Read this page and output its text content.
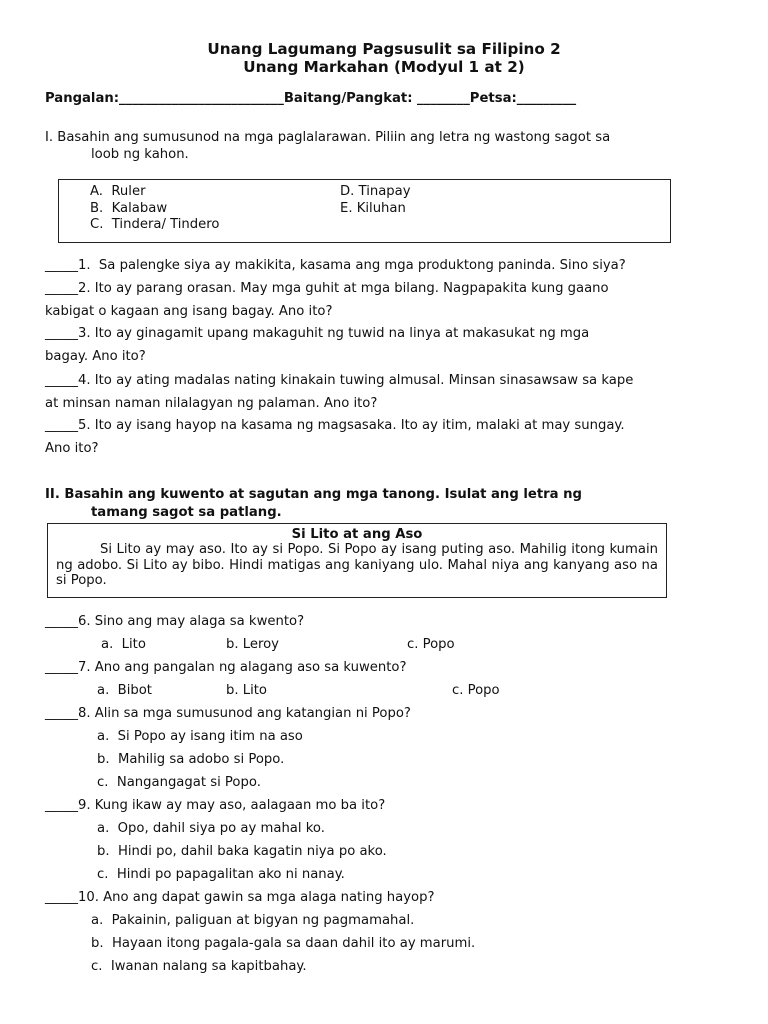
Unang Lagumang Pagsusulit sa Filipino 2
Unang Markahan (Modyul 1 at 2)
Pangalan:_________________________Baitang/Pangkat: ________Petsa:_________
I. Basahin ang sumusunod na mga paglalarawan. Piliin ang letra ng wastong sagot sa
loob ng kahon.
A.  Ruler
B.  Kalabaw
C.  Tindera/ Tindero
D. Tinapay
E. Kiluhan
_____1.  Sa palengke siya ay makikita, kasama ang mga produktong paninda. Sino siya?
_____2. Ito ay parang orasan. May mga guhit at mga bilang. Nagpapakita kung gaano
kabigat o kagaan ang isang bagay. Ano ito?
_____3. Ito ay ginagamit upang makaguhit ng tuwid na linya at makasukat ng mga
bagay. Ano ito?
_____4. Ito ay ating madalas nating kinakain tuwing almusal. Minsan sinasawsaw sa kape
at minsan naman nilalagyan ng palaman. Ano ito?
_____5. Ito ay isang hayop na kasama ng magsasaka. Ito ay itim, malaki at may sungay.
Ano ito?
II. Basahin ang kuwento at sagutan ang mga tanong. Isulat ang letra ng
tamang sagot sa patlang.
Si Lito at ang Aso
Si Lito ay may aso. Ito ay si Popo. Si Popo ay isang puting aso. Mahilig itong kumain ng adobo. Si Lito ay bibo. Hindi matigas ang kaniyang ulo. Mahal niya ang kanyang aso na si Popo.
_____6. Sino ang may alaga sa kwento?
a.  Lito	b. Leroy	c. Popo
_____7. Ano ang pangalan ng alagang aso sa kuwento?
a.  Bibot	b. Lito	c. Popo
_____8. Alin sa mga sumusunod ang katangian ni Popo?
a.  Si Popo ay isang itim na aso
b.  Mahilig sa adobo si Popo.
c.  Nangangagat si Popo.
_____9. Kung ikaw ay may aso, aalagaan mo ba ito?
a.  Opo, dahil siya po ay mahal ko.
b.  Hindi po, dahil baka kagatin niya po ako.
c.  Hindi po papagalitan ako ni nanay.
_____10. Ano ang dapat gawin sa mga alaga nating hayop?
a.  Pakainin, paliguan at bigyan ng pagmamahal.
b.  Hayaan itong pagala-gala sa daan dahil ito ay marumi.
c.  Iwanan nalang sa kapitbahay.
